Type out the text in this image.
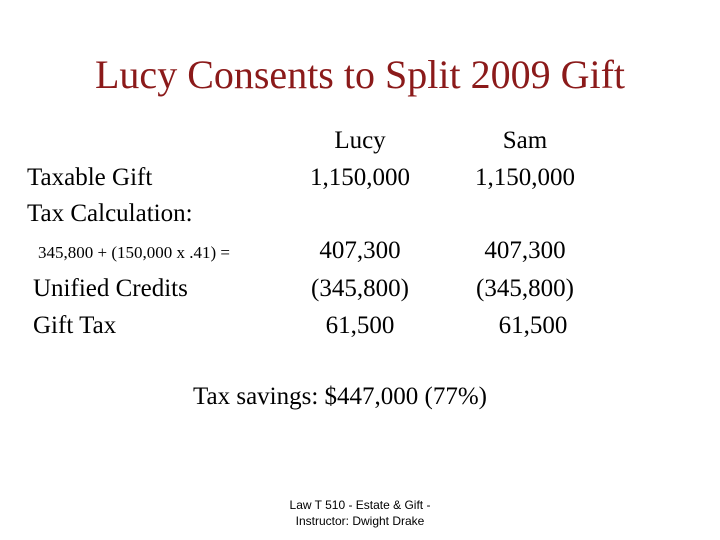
Lucy Consents to Split 2009 Gift
Taxable Gift
Tax Calculation:
345,800 + (150,000 x .41) =
Unified Credits
Gift Tax
Lucy
1,150,000
407,300
(345,800)
61,500
Sam
1,150,000
407,300
(345,800)
61,500
Tax savings: $447,000 (77%)
Law T 510 - Estate & Gift -
Instructor: Dwight Drake
